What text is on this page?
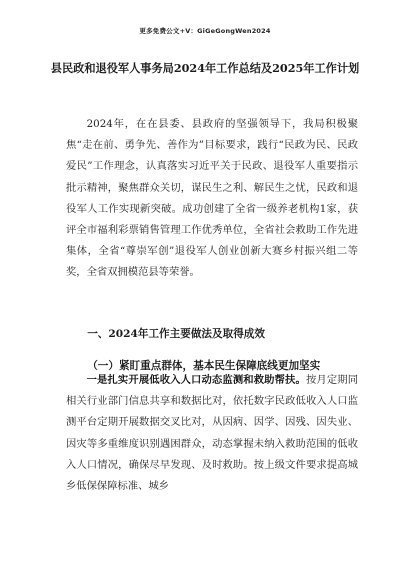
更多免费公文+V：GiGeGongWen2024
县民政和退役军人事务局2024年工作总结及2025年工作计划

2024年，在在县委、县政府的坚强领导下，我局积极聚焦“走在前、勇争先、善作为”目标要求，践行“民政为民、民政爱民”工作理念，认真落实习近平关于民政、退役军人重要指示批示精神，聚焦群众关切，谋民生之利、解民生之忧，民政和退役军人工作实现新突破。成功创建了全省一级养老机构1家，获评全市福利彩票销售管理工作优秀单位，全省社会救助工作先进集体，全省“尊崇军创”退役军人创业创新大赛乡村振兴组二等奖，全省双拥模范县等荣誉。

一、2024年工作主要做法及取得成效

（一）紧盯重点群体，基本民生保障底线更加坚实

一是扎实开展低收入人口动态监测和救助帮扶。按月定期同相关行业部门信息共享和数据比对，依托数字民政低收入人口监测平台定期开展数据交叉比对，从因病、因学、因残、因失业、因灾等多重维度识别遇困群众，动态掌握未纳入救助范围的低收入人口情况，确保尽早发现、及时救助。按上级文件要求提高城乡低保保障标准、城乡
